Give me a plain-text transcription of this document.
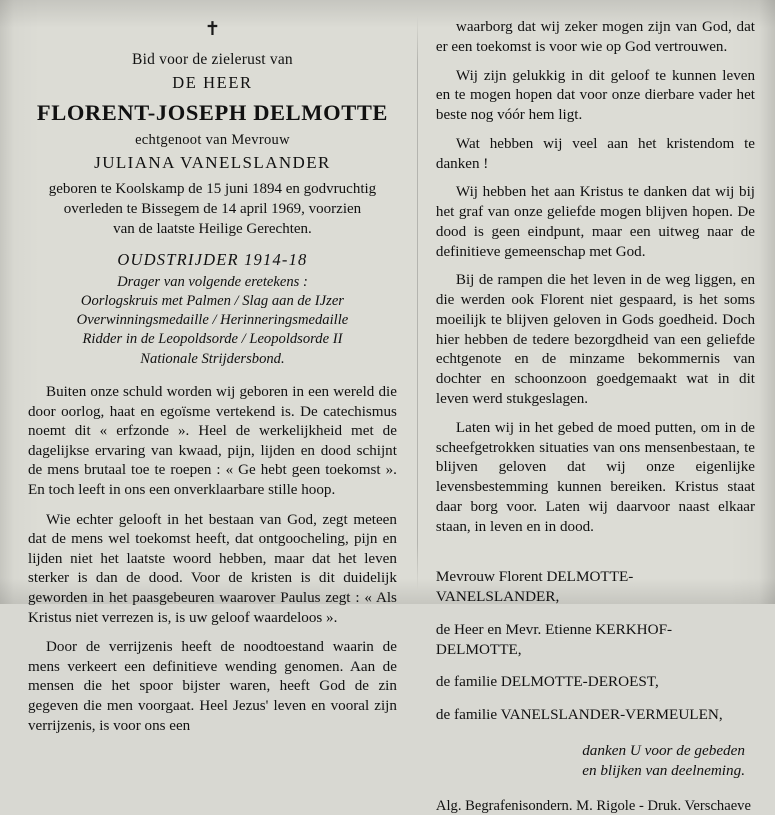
✝
Bid voor de zielerust van
DE HEER
FLORENT-JOSEPH DELMOTTE
echtgenoot van Mevrouw
JULIANA VANELSLANDER
geboren te Koolskamp de 15 juni 1894 en godvruchtig
overleden te Bissegem de 14 april 1969, voorzien
van de laatste Heilige Gerechten.
OUDSTRIJDER 1914-18
Drager van volgende eretekens :
Oorlogskruis met Palmen / Slag aan de IJzer
Overwinningsmedaille / Herinneringsmedaille
Ridder in de Leopoldsorde / Leopoldsorde II
Nationale Strijdersbond.

Buiten onze schuld worden wij geboren in een wereld die door oorlog, haat en egoïsme vertekend is. De catechismus noemt dit « erfzonde ». Heel de werkelijkheid met de dagelijkse ervaring van kwaad, pijn, lijden en dood schijnt de mens brutaal toe te roepen : « Ge hebt geen toekomst ». En toch leeft in ons een onverklaarbare stille hoop.

Wie echter gelooft in het bestaan van God, zegt meteen dat de mens wel toekomst heeft, dat ontgoocheling, pijn en lijden niet het laatste woord hebben, maar dat het leven sterker is dan de dood. Voor de kristen is dit duidelijk geworden in het paasgebeuren waarover Paulus zegt : « Als Kristus niet verrezen is, is uw geloof waardeloos ».

Door de verrijzenis heeft de noodtoestand waarin de mens verkeert een definitieve wending genomen. Aan de mensen die het spoor bijster waren, heeft God de zin gegeven die men voorgaat. Heel Jezus' leven en vooral zijn verrijzenis, is voor ons een

waarborg dat wij zeker mogen zijn van God, dat er een toekomst is voor wie op God vertrouwen.

Wij zijn gelukkig in dit geloof te kunnen leven en te mogen hopen dat voor onze dierbare vader het beste nog vóór hem ligt.

Wat hebben wij veel aan het kristendom te danken !

Wij hebben het aan Kristus te danken dat wij bij het graf van onze geliefde mogen blijven hopen. De dood is geen eindpunt, maar een uitweg naar de definitieve gemeenschap met God.

Bij de rampen die het leven in de weg liggen, en die werden ook Florent niet gespaard, is het soms moeilijk te blijven geloven in Gods goedheid. Doch hier hebben de tedere bezorgdheid van een geliefde echtgenote en de minzame bekommernis van dochter en schoonzoon goedgemaakt wat in dit leven werd stukgeslagen.

Laten wij in het gebed de moed putten, om in de scheefgetrokken situaties van ons mensenbestaan, te blijven geloven dat wij onze eigenlijke levensbestemming kunnen bereiken. Kristus staat daar borg voor. Laten wij daarvoor naast elkaar staan, in leven en in dood.

Mevrouw Florent DELMOTTE-VANELSLANDER,

de Heer en Mevr. Etienne KERKHOF-DELMOTTE,

de familie DELMOTTE-DEROEST,

de familie VANELSLANDER-VERMEULEN,

danken U voor de gebeden
en blijken van deelneming.
Alg. Begrafenisondern. M. Rigole - Druk. Verschaeve
